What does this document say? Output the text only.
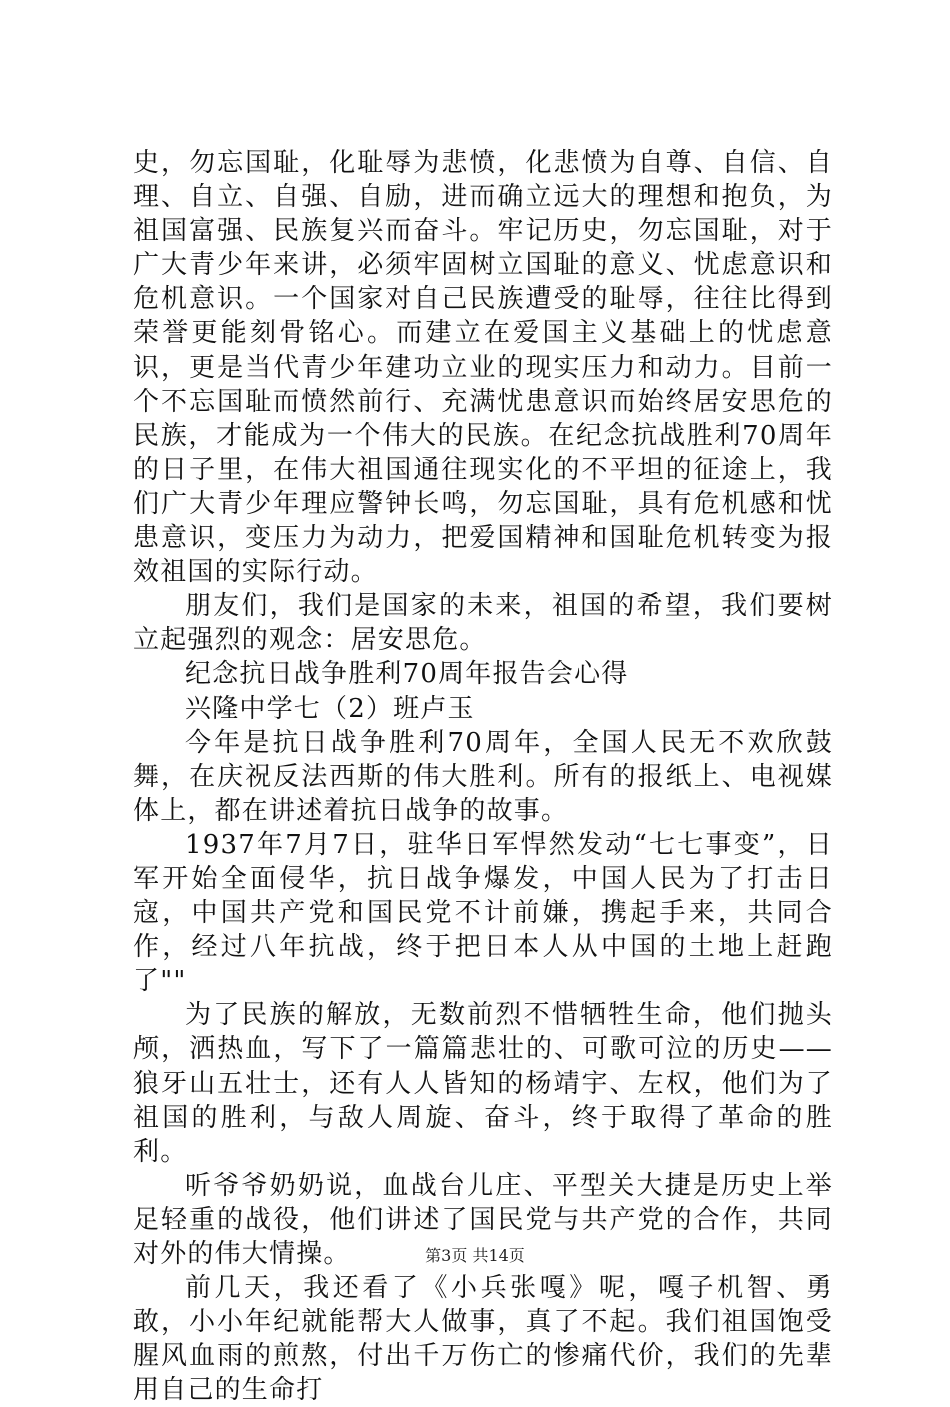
史，勿忘国耻，化耻辱为悲愤，化悲愤为自尊、自信、自理、自立、自强、自励，进而确立远大的理想和抱负，为祖国富强、民族复兴而奋斗。牢记历史，勿忘国耻，对于广大青少年来讲，必须牢固树立国耻的意义、忧虑意识和危机意识。一个国家对自己民族遭受的耻辱，往往比得到荣誉更能刻骨铭心。而建立在爱国主义基础上的忧虑意识，更是当代青少年建功立业的现实压力和动力。目前一个不忘国耻而愤然前行、充满忧患意识而始终居安思危的民族，才能成为一个伟大的民族。在纪念抗战胜利70周年的日子里，在伟大祖国通往现实化的不平坦的征途上，我们广大青少年理应警钟长鸣，勿忘国耻，具有危机感和忧患意识，变压力为动力，把爱国精神和国耻危机转变为报效祖国的实际行动。

朋友们，我们是国家的未来，祖国的希望，我们要树立起强烈的观念：居安思危。

纪念抗日战争胜利70周年报告会心得

兴隆中学七（2）班卢玉

今年是抗日战争胜利70周年，全国人民无不欢欣鼓舞，在庆祝反法西斯的伟大胜利。所有的报纸上、电视媒体上，都在讲述着抗日战争的故事。

1937年7月7日，驻华日军悍然发动“七七事变”，日军开始全面侵华，抗日战争爆发，中国人民为了打击日寇，中国共产党和国民党不计前嫌，携起手来，共同合作，经过八年抗战，终于把日本人从中国的土地上赶跑了""

为了民族的解放，无数前烈不惜牺牲生命，他们抛头颅，洒热血，写下了一篇篇悲壮的、可歌可泣的历史——狼牙山五壮士，还有人人皆知的杨靖宇、左权，他们为了祖国的胜利，与敌人周旋、奋斗，终于取得了革命的胜利。

听爷爷奶奶说，血战台儿庄、平型关大捷是历史上举足轻重的战役，他们讲述了国民党与共产党的合作，共同对外的伟大情操。

前几天，我还看了《小兵张嘎》呢，嘎子机智、勇敢，小小年纪就能帮大人做事，真了不起。我们祖国饱受腥风血雨的煎熬，付出千万伤亡的惨痛代价，我们的先辈用自己的生命打

第3页 共14页
